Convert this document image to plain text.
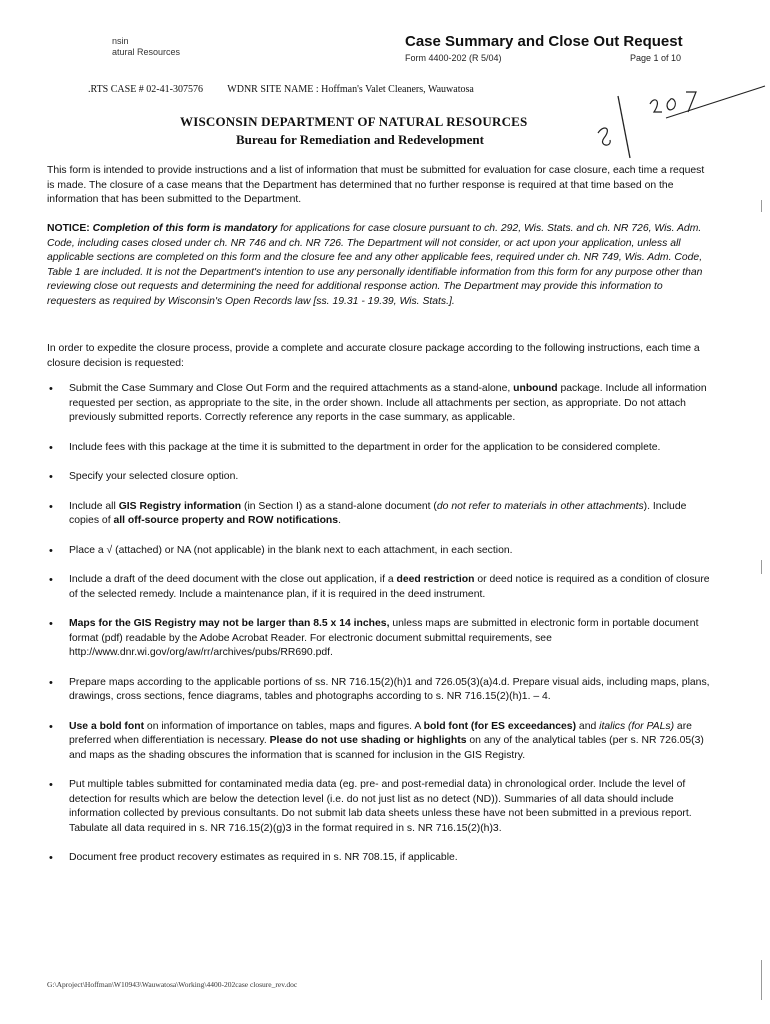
nsin
atural Resources
Case Summary and Close Out Request
Form 4400-202 (R 5/04)	Page 1 of 10
.RTS CASE # 02-41-307576 WDNR SITE NAME : Hoffman's Valet Cleaners, Wauwatosa
WISCONSIN DEPARTMENT OF NATURAL RESOURCES
Bureau for Remediation and Redevelopment

This form is intended to provide instructions and a list of information that must be submitted for evaluation for case closure, each time a request is made. The closure of a case means that the Department has determined that no further response is required at that time based on the information that has been submitted to the Department.

NOTICE: Completion of this form is mandatory for applications for case closure pursuant to ch. 292, Wis. Stats. and ch. NR 726, Wis. Adm. Code, including cases closed under ch. NR 746 and ch. NR 726. The Department will not consider, or act upon your application, unless all applicable sections are completed on this form and the closure fee and any other applicable fees, required under ch. NR 749, Wis. Adm. Code, Table 1 are included. It is not the Department's intention to use any personally identifiable information from this form for any purpose other than reviewing close out requests and determining the need for additional response action. The Department may provide this information to requesters as required by Wisconsin's Open Records law [ss. 19.31 - 19.39, Wis. Stats.].

In order to expedite the closure process, provide a complete and accurate closure package according to the following instructions, each time a closure decision is requested:

• Submit the Case Summary and Close Out Form and the required attachments as a stand-alone, unbound package. Include all information requested per section, as appropriate to the site, in the order shown. Include all attachments per section, as appropriate. Do not attach previously submitted reports. Correctly reference any reports in the case summary, as applicable.
• Include fees with this package at the time it is submitted to the department in order for the application to be considered complete.
• Specify your selected closure option.
• Include all GIS Registry information (in Section I) as a stand-alone document (do not refer to materials in other attachments). Include copies of all off-source property and ROW notifications.
• Place a √ (attached) or NA (not applicable) in the blank next to each attachment, in each section.
• Include a draft of the deed document with the close out application, if a deed restriction or deed notice is required as a condition of closure of the selected remedy. Include a maintenance plan, if it is required in the deed instrument.
• Maps for the GIS Registry may not be larger than 8.5 x 14 inches, unless maps are submitted in electronic form in portable document format (pdf) readable by the Adobe Acrobat Reader. For electronic document submittal requirements, see http://www.dnr.wi.gov/org/aw/rr/archives/pubs/RR690.pdf.
• Prepare maps according to the applicable portions of ss. NR 716.15(2)(h)1 and 726.05(3)(a)4.d. Prepare visual aids, including maps, plans, drawings, cross sections, fence diagrams, tables and photographs according to s. NR 716.15(2)(h)1. – 4.
• Use a bold font on information of importance on tables, maps and figures. A bold font (for ES exceedances) and italics (for PALs) are preferred when differentiation is necessary. Please do not use shading or highlights on any of the analytical tables (per s. NR 726.05(3) and maps as the shading obscures the information that is scanned for inclusion in the GIS Registry.
• Put multiple tables submitted for contaminated media data (eg. pre- and post-remedial data) in chronological order. Include the level of detection for results which are below the detection level (i.e. do not just list as no detect (ND)). Summaries of all data should include information collected by previous consultants. Do not submit lab data sheets unless these have not been submitted in a previous report. Tabulate all data required in s. NR 716.15(2)(g)3 in the format required in s. NR 716.15(2)(h)3.
• Document free product recovery estimates as required in s. NR 708.15, if applicable.
G:\Aproject\Hoffman\W10943\Wauwatosa\Working\4400-202case closure_rev.doc
